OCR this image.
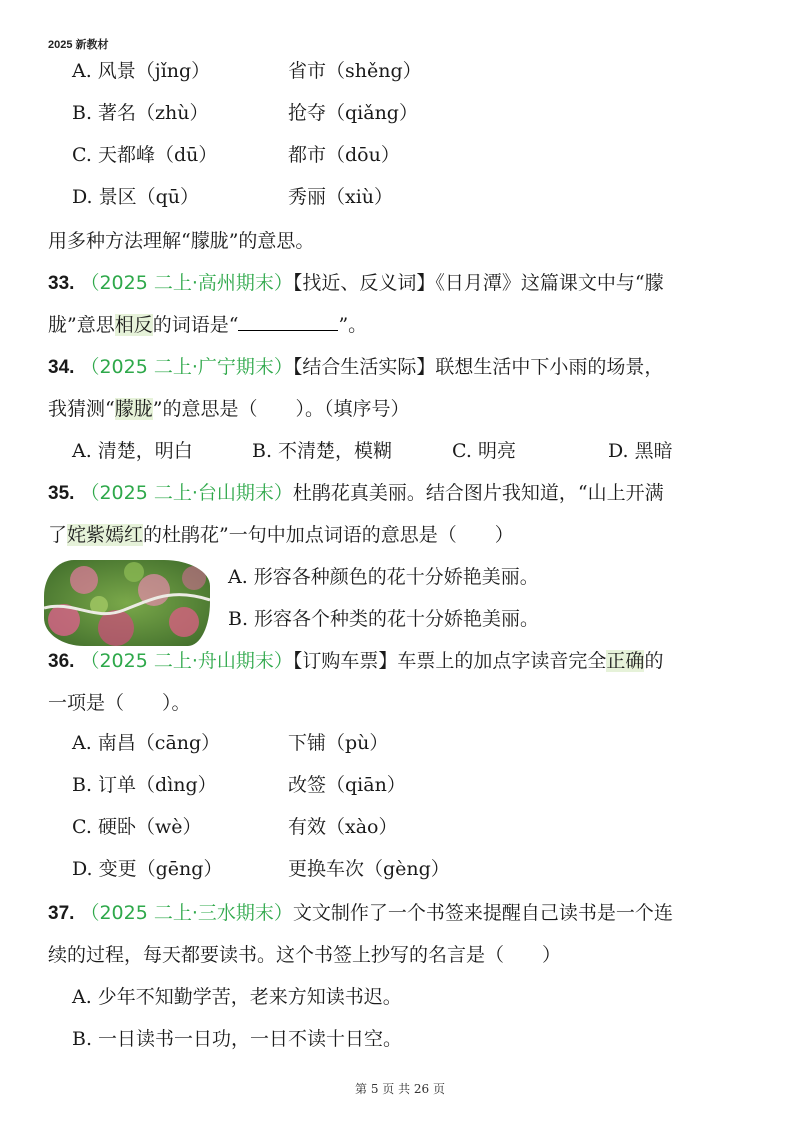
2025 新教材
A. 风景（jǐng）	省市（shěng）
B. 著名（zhù）	抢夺（qiǎng）
C. 天都峰（dū）	都市（dōu）
D. 景区（qū）	秀丽（xiù）
用多种方法理解“朦胧”的意思。
33. （2025 二上·高州期末）【找近、反义词】《日月潭》这篇课文中与“朦
胧”意思相反的词语是“	”。
34. （2025 二上·广宁期末）【结合生活实际】联想生活中下小雨的场景，
我猜测“朦胧”的意思是（　　）。（填序号）
A. 清楚，明白	B. 不清楚，模糊	C. 明亮	D. 黑暗
35. （2025 二上·台山期末）杜鹃花真美丽。结合图片我知道，“山上开满
了姹紫嫣红的杜鹃花”一句中加点词语的意思是（　　）
A. 形容各种颜色的花十分娇艳美丽。
B. 形容各个种类的花十分娇艳美丽。
36. （2025 二上·舟山期末）【订购车票】车票上的加点字读音完全正确的
一项是（　　）。
A. 南昌（cāng）	下铺（pù）
B. 订单（dìng）	改签（qiān）
C. 硬卧（wè）	有效（xào）
D. 变更（gēng）	更换车次（gèng）
37. （2025 二上·三水期末）文文制作了一个书签来提醒自己读书是一个连
续的过程，每天都要读书。这个书签上抄写的名言是（　　）
A. 少年不知勤学苦，老来方知读书迟。
B. 一日读书一日功，一日不读十日空。
第 5 页 共 26 页
